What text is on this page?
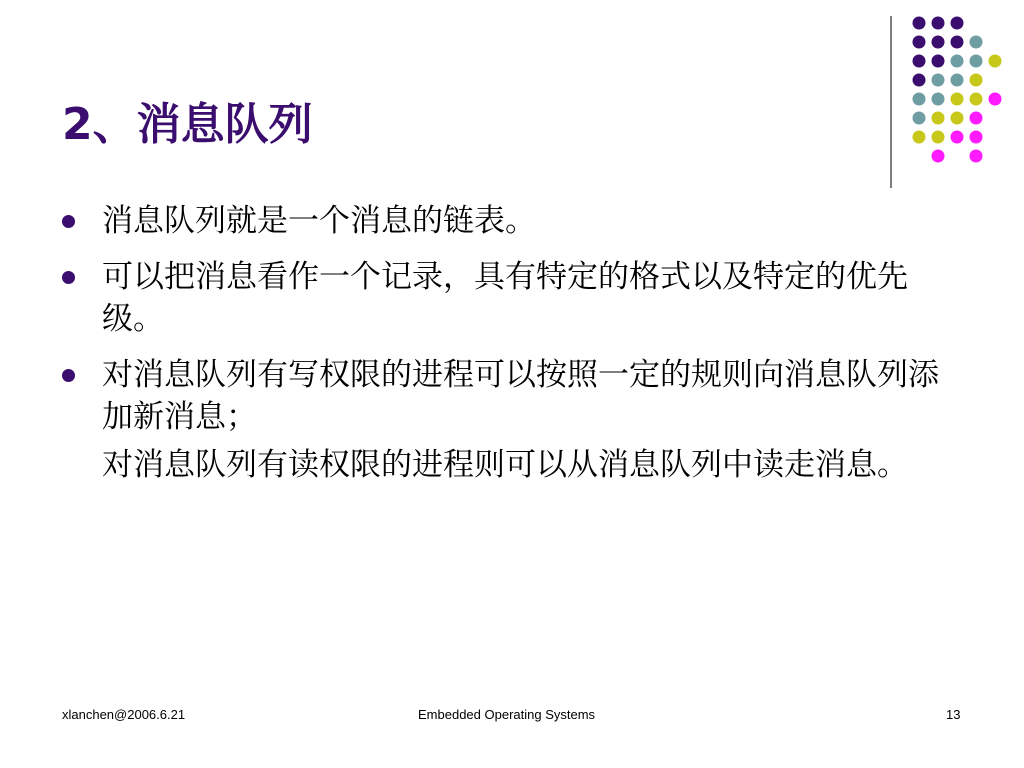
2、消息队列

消息队列就是一个消息的链表。

可以把消息看作一个记录，具有特定的格式以及特定的优先级。

对消息队列有写权限的进程可以按照一定的规则向消息队列添加新消息；

对消息队列有读权限的进程则可以从消息队列中读走消息。

xlanchen@2006.6.21	Embedded Operating Systems	13
